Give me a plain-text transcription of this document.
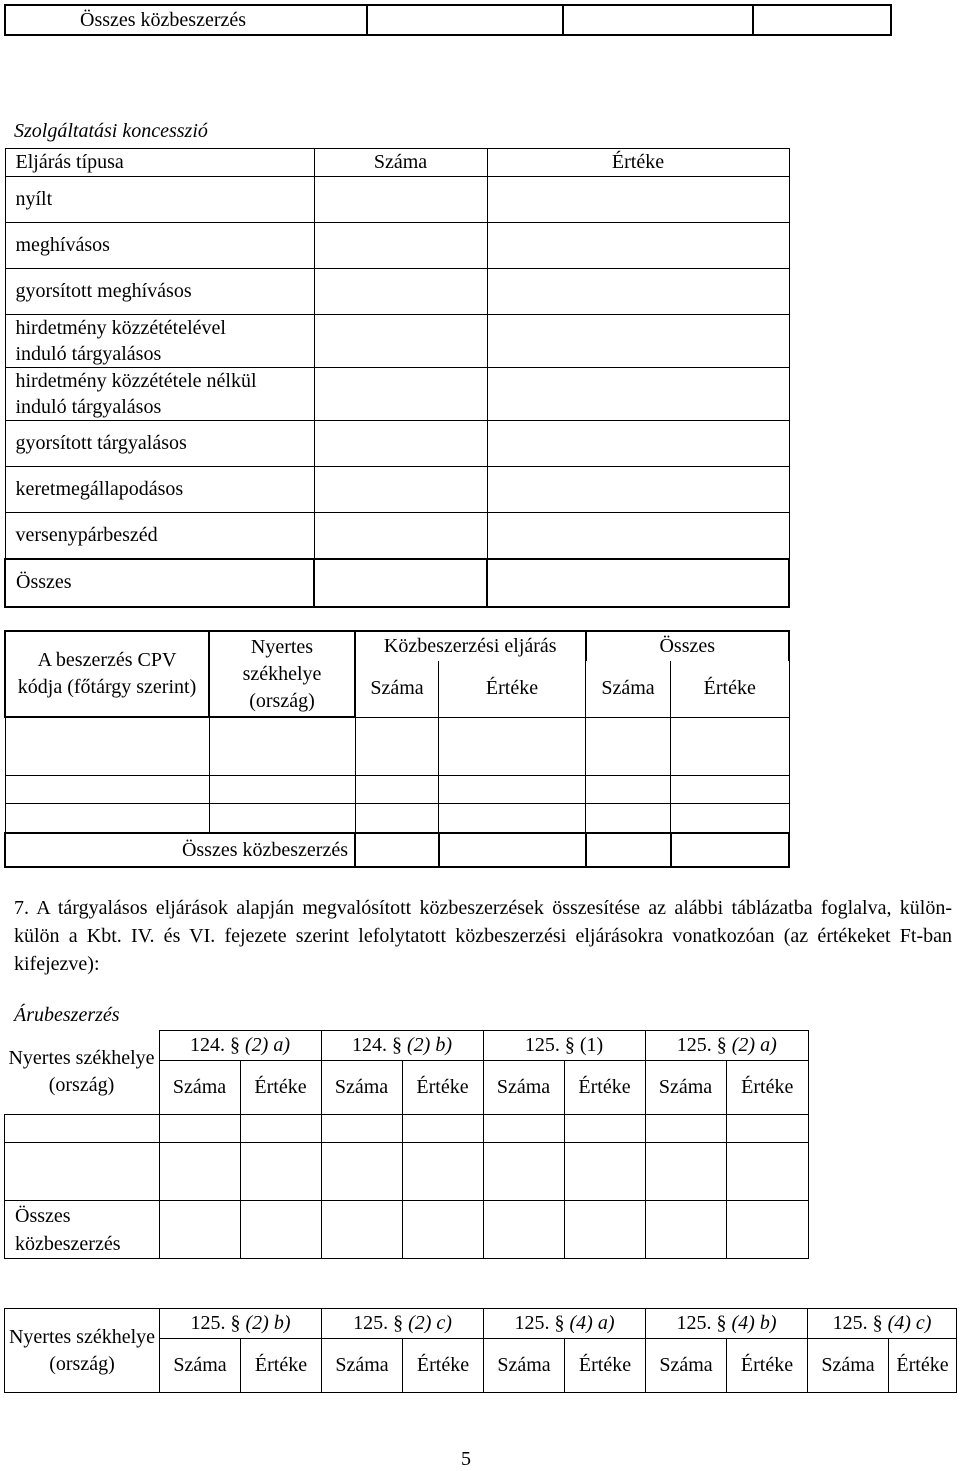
Összes közbeszerzés			
Szolgáltatási koncesszió
Eljárás típusa	Száma	Értéke
nyílt		
meghívásos		
gyorsított meghívásos		
hirdetmény közzétételével induló tárgyalásos		
hirdetmény közzététele nélkül induló tárgyalásos		
gyorsított tárgyalásos		
keretmegállapodásos		
versenypárbeszéd		
Összes		
A beszerzés CPV kódja (főtárgy szerint)	Nyertes székhelye (ország)	Közbeszerzési eljárás		Összes	
		Száma	Értéke	Száma	Értéke

Összes közbeszerzés					
7. A tárgyalásos eljárások alapján megvalósított közbeszerzések összesítése az alábbi táblázatba foglalva, külön-külön a Kbt. IV. és VI. fejezete szerint lefolytatott közbeszerzési eljárásokra vonatkozóan (az értékeket Ft-ban kifejezve):
Árubeszerzés
Nyertes székhelye (ország)	124. § (2) a)		124. § (2) b)		125. § (1)		125. § (2) a)	
	Száma	Értéke	Száma	Értéke	Száma	Értéke	Száma	Értéke

Összes közbeszerzés								
Nyertes székhelye (ország)	125. § (2) b)		125. § (2) c)		125. § (4) a)		125. § (4) b)		125. § (4) c)	
	Száma	Értéke	Száma	Értéke	Száma	Értéke	Száma	Értéke	Száma	Értéke
5
